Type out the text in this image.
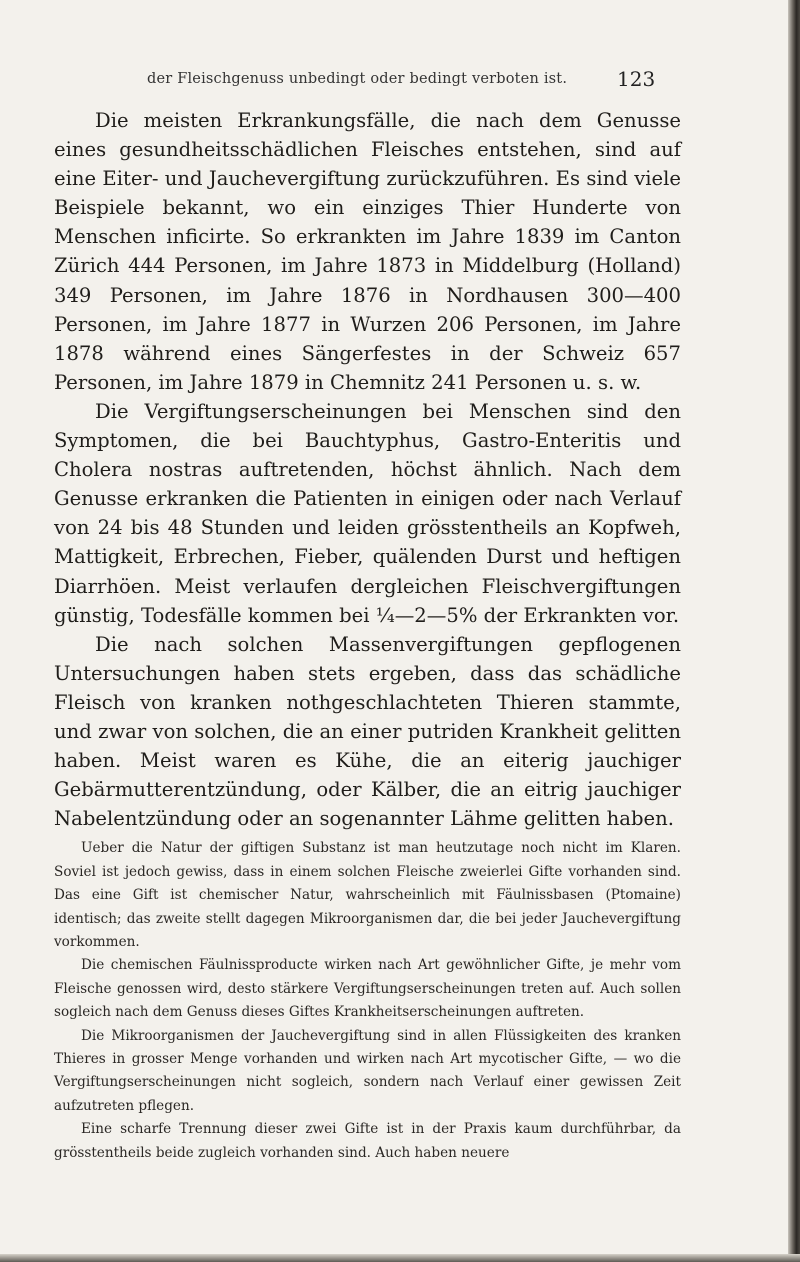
der Fleischgenuss unbedingt oder bedingt verboten ist.	123

Die meisten Erkrankungsfälle, die nach dem Genusse eines gesundheitsschädlichen Fleisches entstehen, sind auf eine Eiter- und Jauchevergiftung zurückzuführen. Es sind viele Beispiele bekannt, wo ein einziges Thier Hunderte von Menschen inficirte. So erkrankten im Jahre 1839 im Canton Zürich 444 Personen, im Jahre 1873 in Middelburg (Holland) 349 Personen, im Jahre 1876 in Nordhausen 300—400 Personen, im Jahre 1877 in Wurzen 206 Personen, im Jahre 1878 während eines Sängerfestes in der Schweiz 657 Personen, im Jahre 1879 in Chemnitz 241 Personen u. s. w.

Die Vergiftungserscheinungen bei Menschen sind den Symptomen, die bei Bauchtyphus, Gastro-Enteritis und Cholera nostras auftretenden, höchst ähnlich. Nach dem Genusse erkranken die Patienten in einigen oder nach Verlauf von 24 bis 48 Stunden und leiden grösstentheils an Kopfweh, Mattigkeit, Erbrechen, Fieber, quälenden Durst und heftigen Diarrhöen. Meist verlaufen dergleichen Fleischvergiftungen günstig, Todesfälle kommen bei ¼—2—5% der Erkrankten vor.

Die nach solchen Massenvergiftungen gepflogenen Untersuchungen haben stets ergeben, dass das schädliche Fleisch von kranken nothgeschlachteten Thieren stammte, und zwar von solchen, die an einer putriden Krankheit gelitten haben. Meist waren es Kühe, die an eiterig jauchiger Gebärmutterentzündung, oder Kälber, die an eitrig jauchiger Nabelentzündung oder an sogenannter Lähme gelitten haben.

Ueber die Natur der giftigen Substanz ist man heutzutage noch nicht im Klaren. Soviel ist jedoch gewiss, dass in einem solchen Fleische zweierlei Gifte vorhanden sind. Das eine Gift ist chemischer Natur, wahrscheinlich mit Fäulnissbasen (Ptomaine) identisch; das zweite stellt dagegen Mikroorganismen dar, die bei jeder Jauchevergiftung vorkommen.

Die chemischen Fäulnissproducte wirken nach Art gewöhnlicher Gifte, je mehr vom Fleische genossen wird, desto stärkere Vergiftungserscheinungen treten auf. Auch sollen sogleich nach dem Genuss dieses Giftes Krankheitserscheinungen auftreten.

Die Mikroorganismen der Jauchevergiftung sind in allen Flüssigkeiten des kranken Thieres in grosser Menge vorhanden und wirken nach Art mycotischer Gifte, — wo die Vergiftungserscheinungen nicht sogleich, sondern nach Verlauf einer gewissen Zeit aufzutreten pflegen.

Eine scharfe Trennung dieser zwei Gifte ist in der Praxis kaum durchführbar, da grösstentheils beide zugleich vorhanden sind. Auch haben neuere
